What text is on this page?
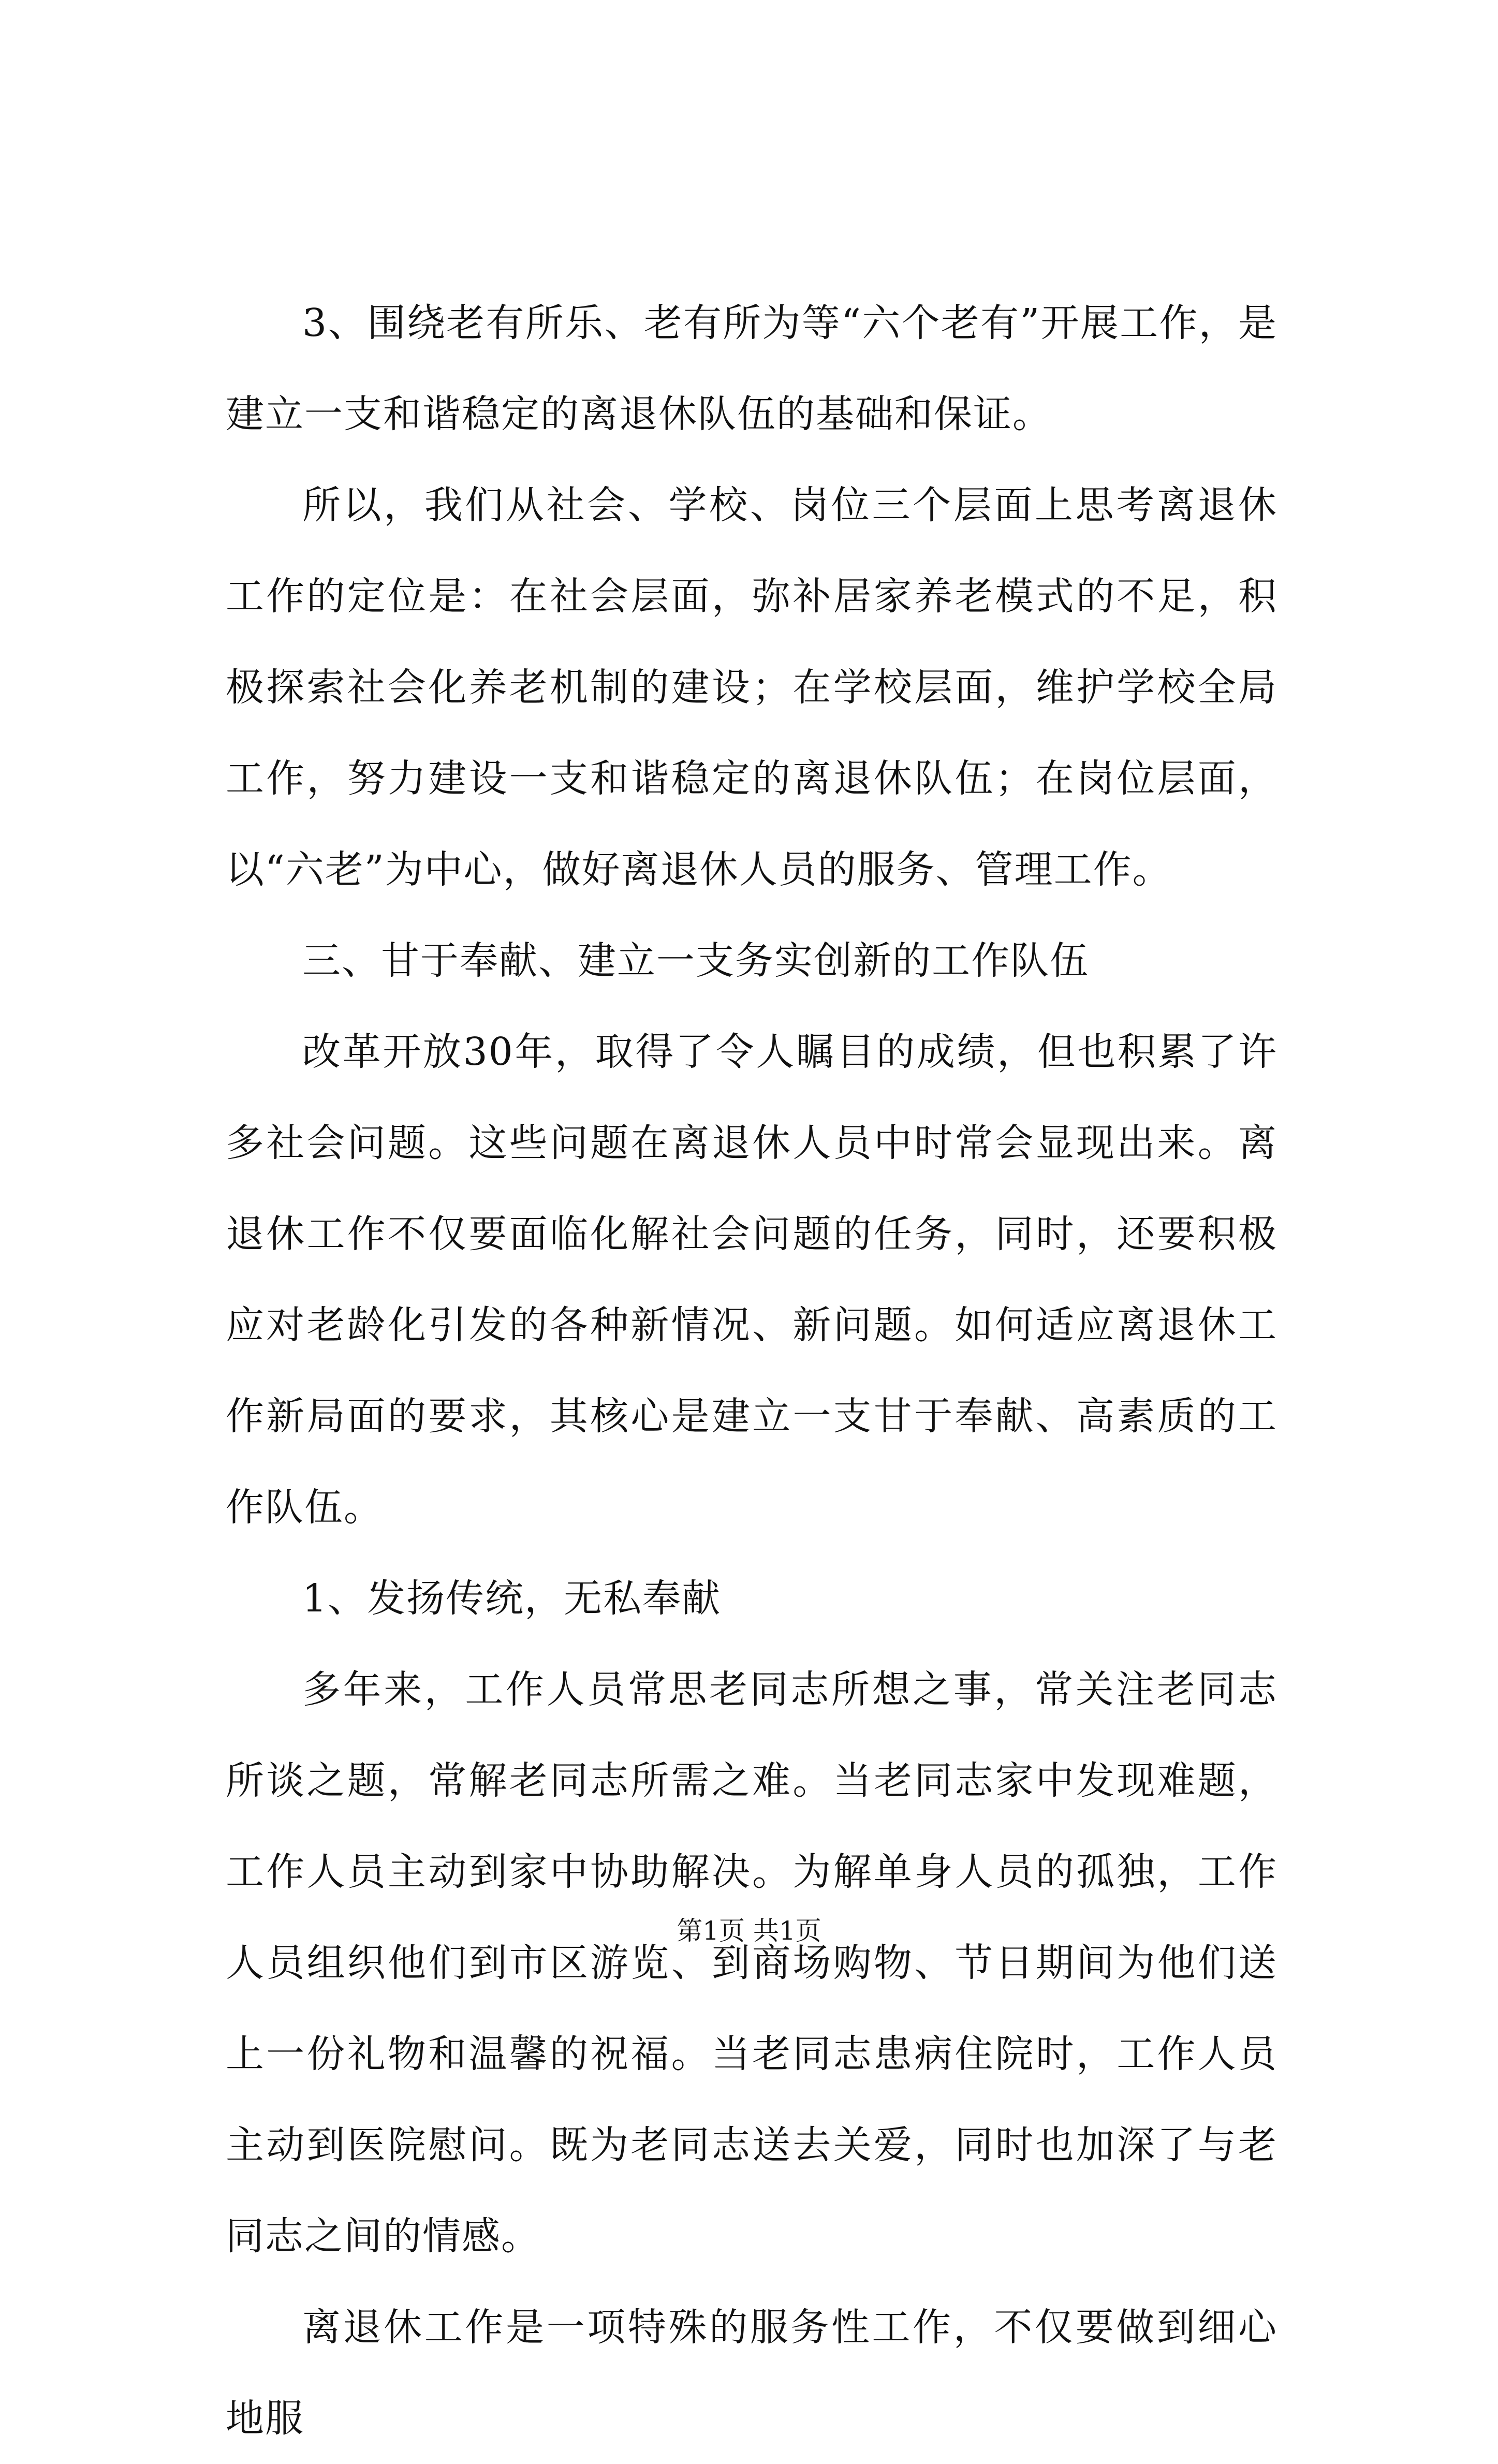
3、围绕老有所乐、老有所为等“六个老有”开展工作，是建立一支和谐稳定的离退休队伍的基础和保证。

所以，我们从社会、学校、岗位三个层面上思考离退休工作的定位是：在社会层面，弥补居家养老模式的不足，积极探索社会化养老机制的建设；在学校层面，维护学校全局工作，努力建设一支和谐稳定的离退休队伍；在岗位层面，以“六老”为中心，做好离退休人员的服务、管理工作。

三、甘于奉献、建立一支务实创新的工作队伍

改革开放30年，取得了令人瞩目的成绩，但也积累了许多社会问题。这些问题在离退休人员中时常会显现出来。离退休工作不仅要面临化解社会问题的任务，同时，还要积极应对老龄化引发的各种新情况、新问题。如何适应离退休工作新局面的要求，其核心是建立一支甘于奉献、高素质的工作队伍。

1、发扬传统，无私奉献

多年来，工作人员常思老同志所想之事，常关注老同志所谈之题，常解老同志所需之难。当老同志家中发现难题，工作人员主动到家中协助解决。为解单身人员的孤独，工作人员组织他们到市区游览、到商场购物、节日期间为他们送上一份礼物和温馨的祝福。当老同志患病住院时，工作人员主动到医院慰问。既为老同志送去关爱，同时也加深了与老同志之间的情感。

离退休工作是一项特殊的服务性工作，不仅要做到细心地服

第1页 共1页
